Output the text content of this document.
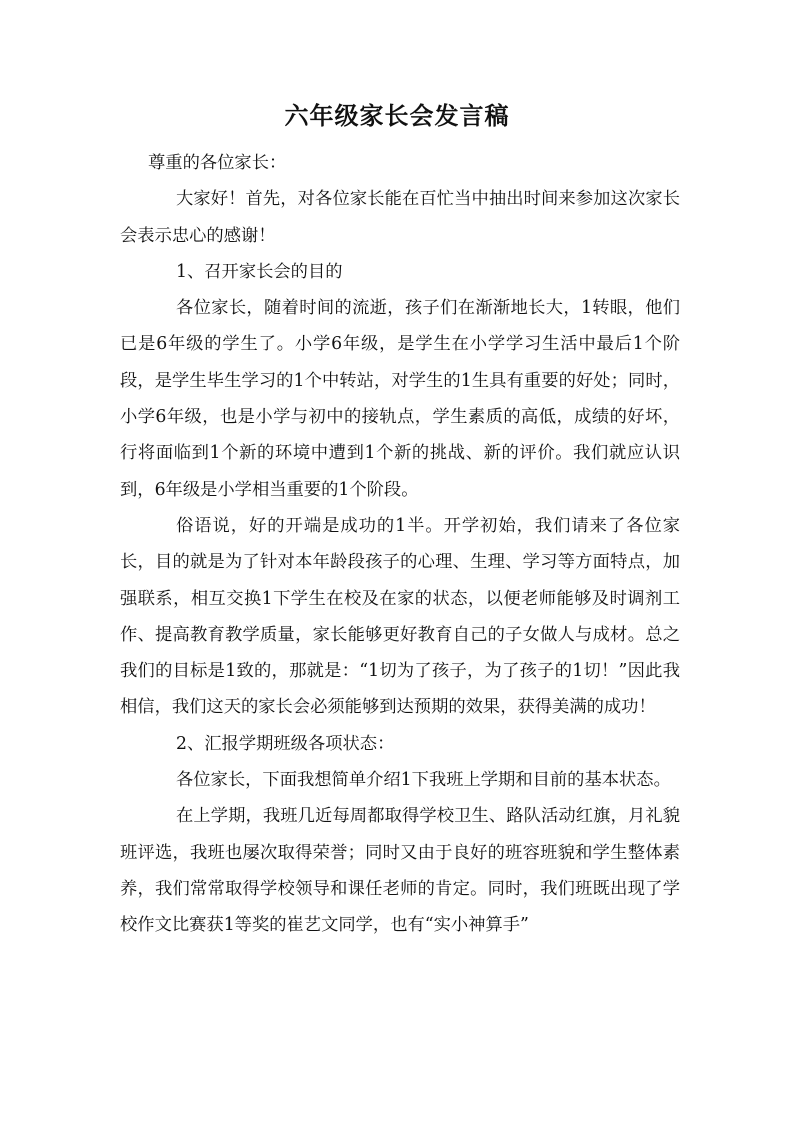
六年级家长会发言稿

尊重的各位家长：

大家好！首先，对各位家长能在百忙当中抽出时间来参加这次家长会表示忠心的感谢！

1、召开家长会的目的

各位家长，随着时间的流逝，孩子们在渐渐地长大，1转眼，他们已是6年级的学生了。小学6年级，是学生在小学学习生活中最后1个阶段，是学生毕生学习的1个中转站，对学生的1生具有重要的好处；同时，小学6年级，也是小学与初中的接轨点，学生素质的高低，成绩的好坏，行将面临到1个新的环境中遭到1个新的挑战、新的评价。我们就应认识到，6年级是小学相当重要的1个阶段。

俗语说，好的开端是成功的1半。开学初始，我们请来了各位家长，目的就是为了针对本年龄段孩子的心理、生理、学习等方面特点，加强联系，相互交换1下学生在校及在家的状态，以便老师能够及时调剂工作、提高教育教学质量，家长能够更好教育自己的子女做人与成材。总之我们的目标是1致的，那就是：“1切为了孩子，为了孩子的1切！”因此我相信，我们这天的家长会必须能够到达预期的效果，获得美满的成功！

2、汇报学期班级各项状态：

各位家长，下面我想简单介绍1下我班上学期和目前的基本状态。

在上学期，我班几近每周都取得学校卫生、路队活动红旗，月礼貌班评选，我班也屡次取得荣誉；同时又由于良好的班容班貌和学生整体素养，我们常常取得学校领导和课任老师的肯定。同时，我们班既出现了学校作文比赛获1等奖的崔艺文同学，也有“实小神算手”
